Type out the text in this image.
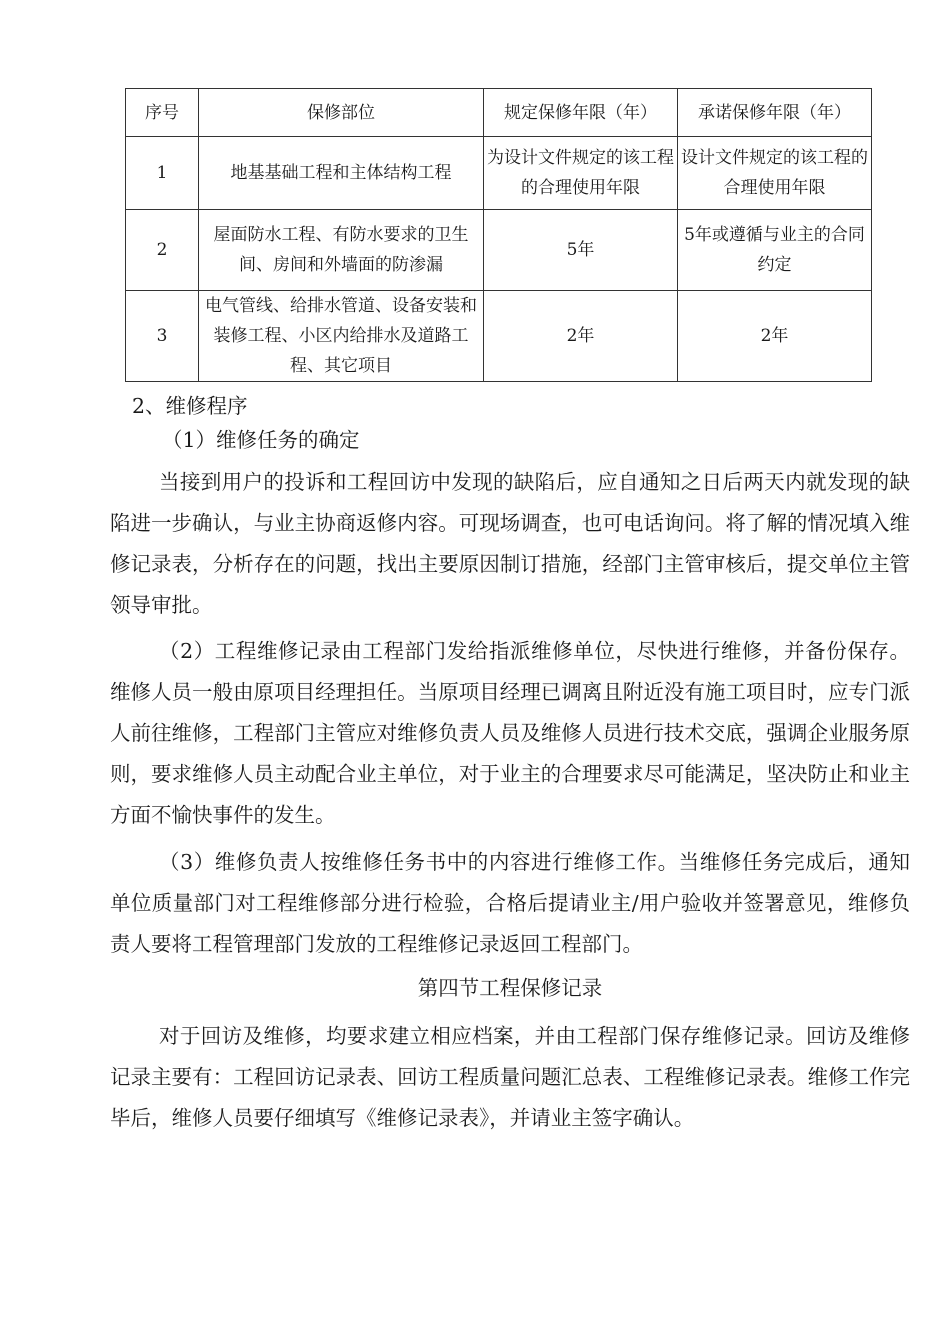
序号	保修部位	规定保修年限（年）	承诺保修年限（年）
1	地基基础工程和主体结构工程	为设计文件规定的该工程的合理使用年限	设计文件规定的该工程的合理使用年限
2	屋面防水工程、有防水要求的卫生间、房间和外墙面的防渗漏	5年	5年或遵循与业主的合同约定
3	电气管线、给排水管道、设备安装和装修工程、小区内给排水及道路工程、其它项目	2年	2年
2、维修程序
（1）维修任务的确定
当接到用户的投诉和工程回访中发现的缺陷后，应自通知之日后两天内就发现的缺陷进一步确认，与业主协商返修内容。可现场调查，也可电话询问。将了解的情况填入维修记录表，分析存在的问题，找出主要原因制订措施，经部门主管审核后，提交单位主管领导审批。
（2）工程维修记录由工程部门发给指派维修单位，尽快进行维修，并备份保存。维修人员一般由原项目经理担任。当原项目经理已调离且附近没有施工项目时，应专门派人前往维修，工程部门主管应对维修负责人员及维修人员进行技术交底，强调企业服务原则，要求维修人员主动配合业主单位，对于业主的合理要求尽可能满足，坚决防止和业主方面不愉快事件的发生。
（3）维修负责人按维修任务书中的内容进行维修工作。当维修任务完成后，通知单位质量部门对工程维修部分进行检验，合格后提请业主/用户验收并签署意见，维修负责人要将工程管理部门发放的工程维修记录返回工程部门。
第四节工程保修记录
对于回访及维修，均要求建立相应档案，并由工程部门保存维修记录。回访及维修记录主要有：工程回访记录表、回访工程质量问题汇总表、工程维修记录表。维修工作完毕后，维修人员要仔细填写《维修记录表》，并请业主签字确认。
